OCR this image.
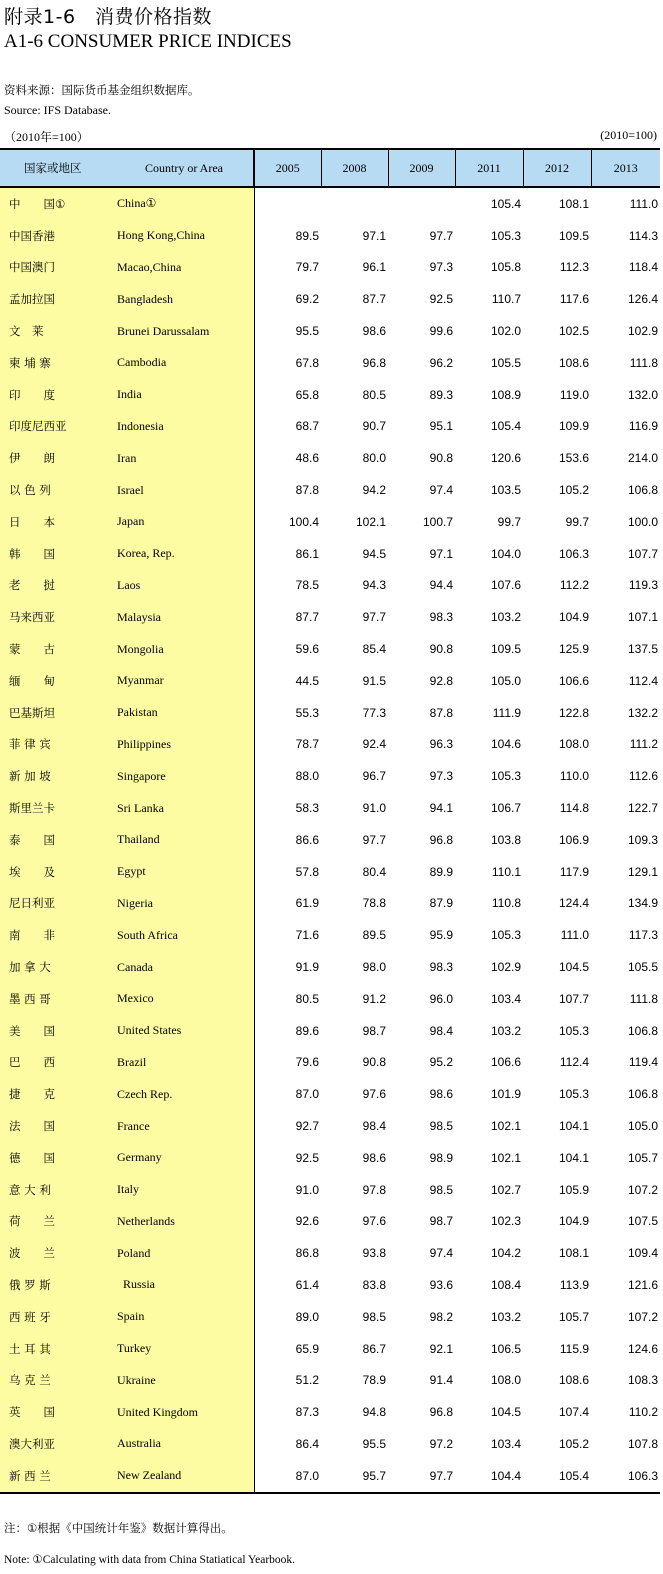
附录1-6　消费价格指数
A1-6 CONSUMER PRICE INDICES
资料来源：国际货币基金组织数据库。
Source: IFS Database.
（2010年=100）	(2010=100)
国家或地区	Country or Area	2005	2008	2009	2011	2012	2013
中　　国①	China①				105.4	108.1	111.0
中国香港	Hong Kong,China	89.5	97.1	97.7	105.3	109.5	114.3
中国澳门	Macao,China	79.7	96.1	97.3	105.8	112.3	118.4
孟加拉国	Bangladesh	69.2	87.7	92.5	110.7	117.6	126.4
文　莱	Brunei Darussalam	95.5	98.6	99.6	102.0	102.5	102.9
柬 埔 寨	Cambodia	67.8	96.8	96.2	105.5	108.6	111.8
印　　度	India	65.8	80.5	89.3	108.9	119.0	132.0
印度尼西亚	Indonesia	68.7	90.7	95.1	105.4	109.9	116.9
伊　　朗	Iran	48.6	80.0	90.8	120.6	153.6	214.0
以 色 列	Israel	87.8	94.2	97.4	103.5	105.2	106.8
日　　本	Japan	100.4	102.1	100.7	99.7	99.7	100.0
韩　　国	Korea, Rep.	86.1	94.5	97.1	104.0	106.3	107.7
老　　挝	Laos	78.5	94.3	94.4	107.6	112.2	119.3
马来西亚	Malaysia	87.7	97.7	98.3	103.2	104.9	107.1
蒙　　古	Mongolia	59.6	85.4	90.8	109.5	125.9	137.5
缅　　甸	Myanmar	44.5	91.5	92.8	105.0	106.6	112.4
巴基斯坦	Pakistan	55.3	77.3	87.8	111.9	122.8	132.2
菲 律 宾	Philippines	78.7	92.4	96.3	104.6	108.0	111.2
新 加 坡	Singapore	88.0	96.7	97.3	105.3	110.0	112.6
斯里兰卡	Sri Lanka	58.3	91.0	94.1	106.7	114.8	122.7
泰　　国	Thailand	86.6	97.7	96.8	103.8	106.9	109.3
埃　　及	Egypt	57.8	80.4	89.9	110.1	117.9	129.1
尼日利亚	Nigeria	61.9	78.8	87.9	110.8	124.4	134.9
南　　非	South Africa	71.6	89.5	95.9	105.3	111.0	117.3
加 拿 大	Canada	91.9	98.0	98.3	102.9	104.5	105.5
墨 西 哥	Mexico	80.5	91.2	96.0	103.4	107.7	111.8
美　　国	United States	89.6	98.7	98.4	103.2	105.3	106.8
巴　　西	Brazil	79.6	90.8	95.2	106.6	112.4	119.4
捷　　克	Czech Rep.	87.0	97.6	98.6	101.9	105.3	106.8
法　　国	France	92.7	98.4	98.5	102.1	104.1	105.0
德　　国	Germany	92.5	98.6	98.9	102.1	104.1	105.7
意 大 利	Italy	91.0	97.8	98.5	102.7	105.9	107.2
荷　　兰	Netherlands	92.6	97.6	98.7	102.3	104.9	107.5
波　　兰	Poland	86.8	93.8	97.4	104.2	108.1	109.4
俄 罗 斯	Russia	61.4	83.8	93.6	108.4	113.9	121.6
西 班 牙	Spain	89.0	98.5	98.2	103.2	105.7	107.2
土 耳 其	Turkey	65.9	86.7	92.1	106.5	115.9	124.6
乌 克 兰	Ukraine	51.2	78.9	91.4	108.0	108.6	108.3
英　　国	United Kingdom	87.3	94.8	96.8	104.5	107.4	110.2
澳大利亚	Australia	86.4	95.5	97.2	103.4	105.2	107.8
新 西 兰	New Zealand	87.0	95.7	97.7	104.4	105.4	106.3
注：①根据《中国统计年鉴》数据计算得出。
Note: ①Calculating with data from China Statiatical Yearbook.
